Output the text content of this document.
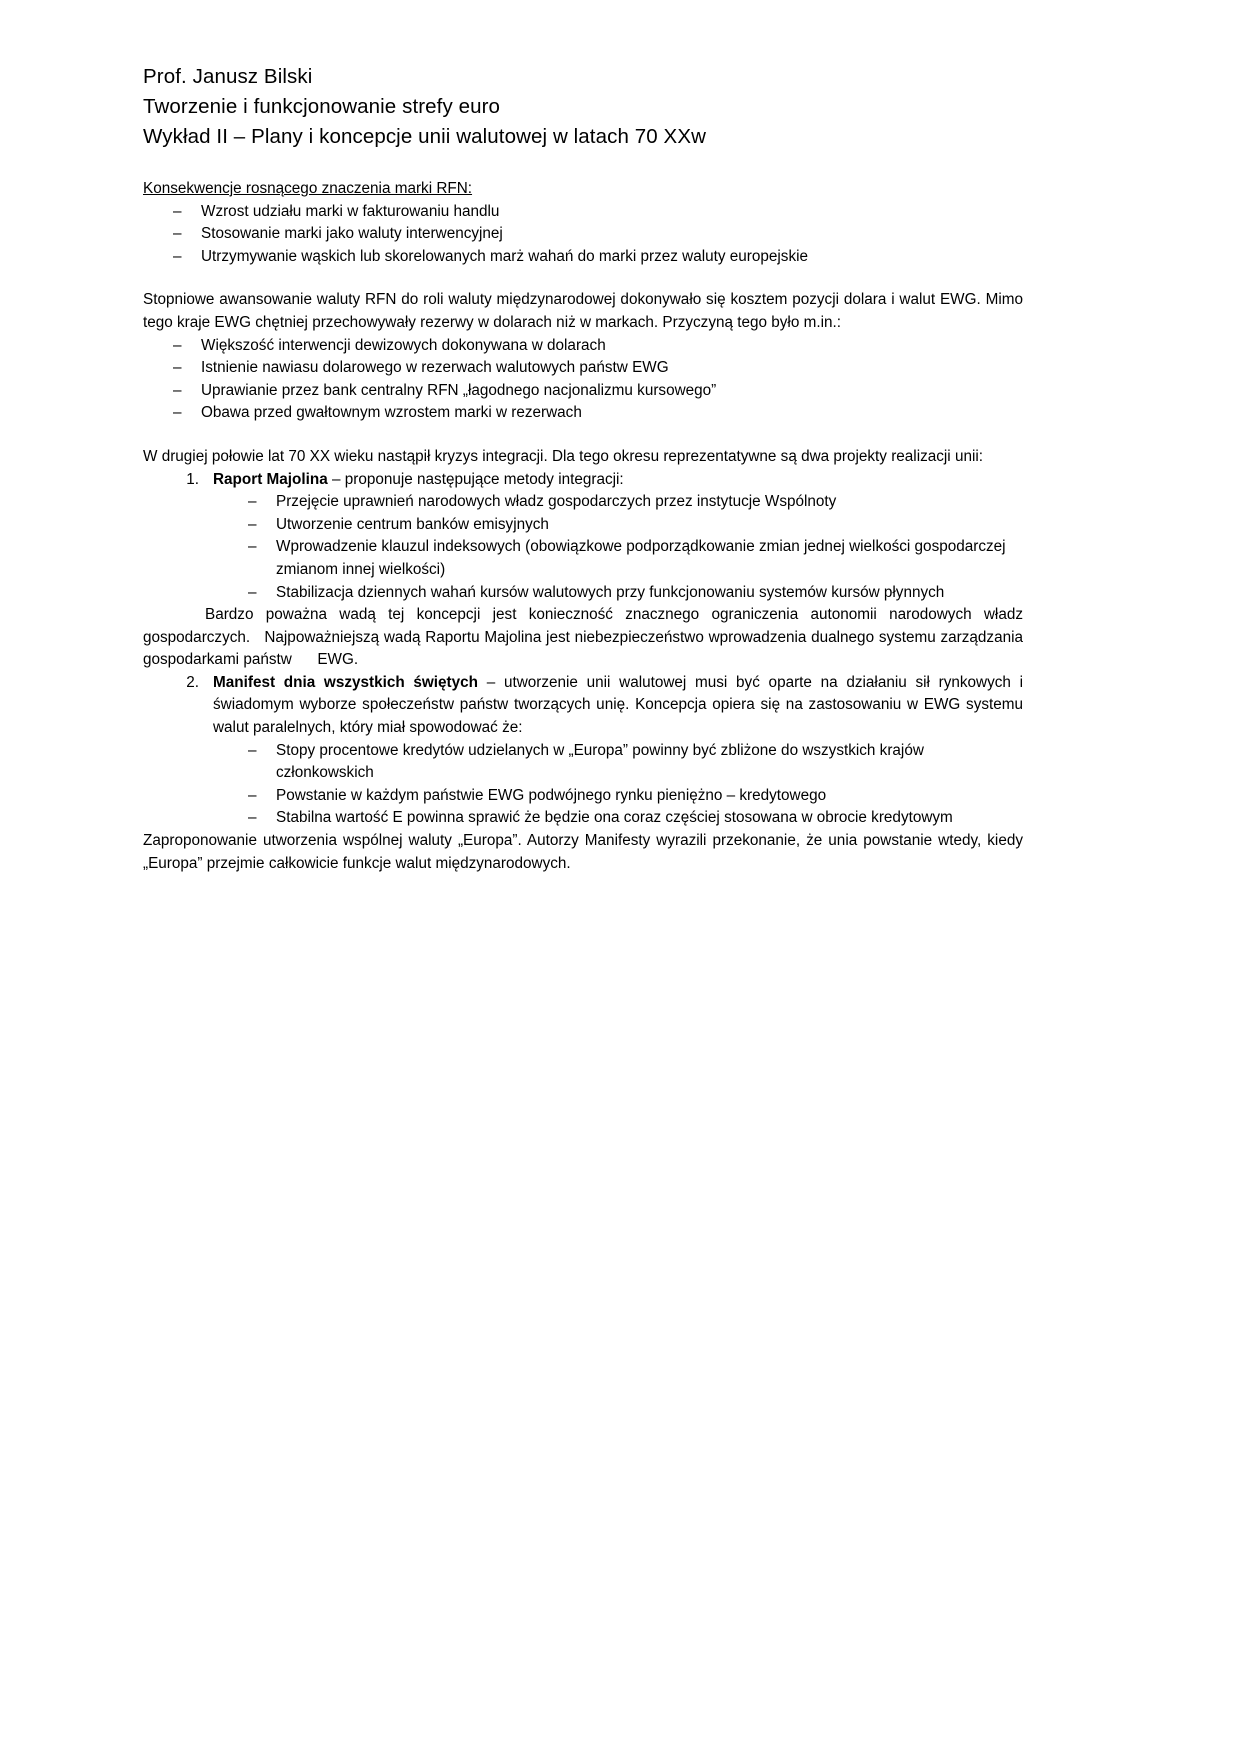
Prof. Janusz Bilski
Tworzenie i funkcjonowanie strefy euro
Wykład II – Plany i koncepcje unii walutowej w latach 70 XXw
Konsekwencje rosnącego znaczenia marki RFN:
– Wzrost udziału marki w fakturowaniu handlu
– Stosowanie marki jako waluty interwencyjnej
– Utrzymywanie wąskich lub skorelowanych marż wahań do marki przez waluty europejskie

Stopniowe awansowanie waluty RFN do roli waluty międzynarodowej dokonywało się kosztem pozycji dolara i walut EWG. Mimo tego kraje EWG chętniej przechowywały rezerwy w dolarach niż w markach. Przyczyną tego było m.in.:

– Większość interwencji dewizowych dokonywana w dolarach
– Istnienie nawiasu dolarowego w rezerwach walutowych państw EWG
– Uprawianie przez bank centralny RFN „łagodnego nacjonalizmu kursowego”
– Obawa przed gwałtownym wzrostem marki w rezerwach

W drugiej połowie lat 70 XX wieku nastąpił kryzys integracji. Dla tego okresu reprezentatywne są dwa projekty realizacji unii:

1. Raport Majolina – proponuje następujące metody integracji:
– Przejęcie uprawnień narodowych władz gospodarczych przez instytucje Wspólnoty
– Utworzenie centrum banków emisyjnych
– Wprowadzenie klauzul indeksowych (obowiązkowe podporządkowanie zmian jednej wielkości gospodarczej zmianom innej wielkości)
– Stabilizacja dziennych wahań kursów walutowych przy funkcjonowaniu systemów kursów płynnych

Bardzo poważna wadą tej koncepcji jest konieczność znacznego ograniczenia autonomii narodowych władz gospodarczych. Najpoważniejszą wadą Raportu Majolina jest niebezpieczeństwo wprowadzenia dualnego systemu zarządzania gospodarkami państw EWG.

2. Manifest dnia wszystkich świętych – utworzenie unii walutowej musi być oparte na działaniu sił rynkowych i świadomym wyborze społeczeństw państw tworzących unię. Koncepcja opiera się na zastosowaniu w EWG systemu walut paralelnych, który miał spowodować że:
– Stopy procentowe kredytów udzielanych w „Europa” powinny być zbliżone do wszystkich krajów członkowskich
– Powstanie w każdym państwie EWG podwójnego rynku pieniężno – kredytowego
– Stabilna wartość E powinna sprawić że będzie ona coraz częściej stosowana w obrocie kredytowym

Zaproponowanie utworzenia wspólnej waluty „Europa”. Autorzy Manifesty wyrazili przekonanie, że unia powstanie wtedy, kiedy „Europa” przejmie całkowicie funkcje walut międzynarodowych.
